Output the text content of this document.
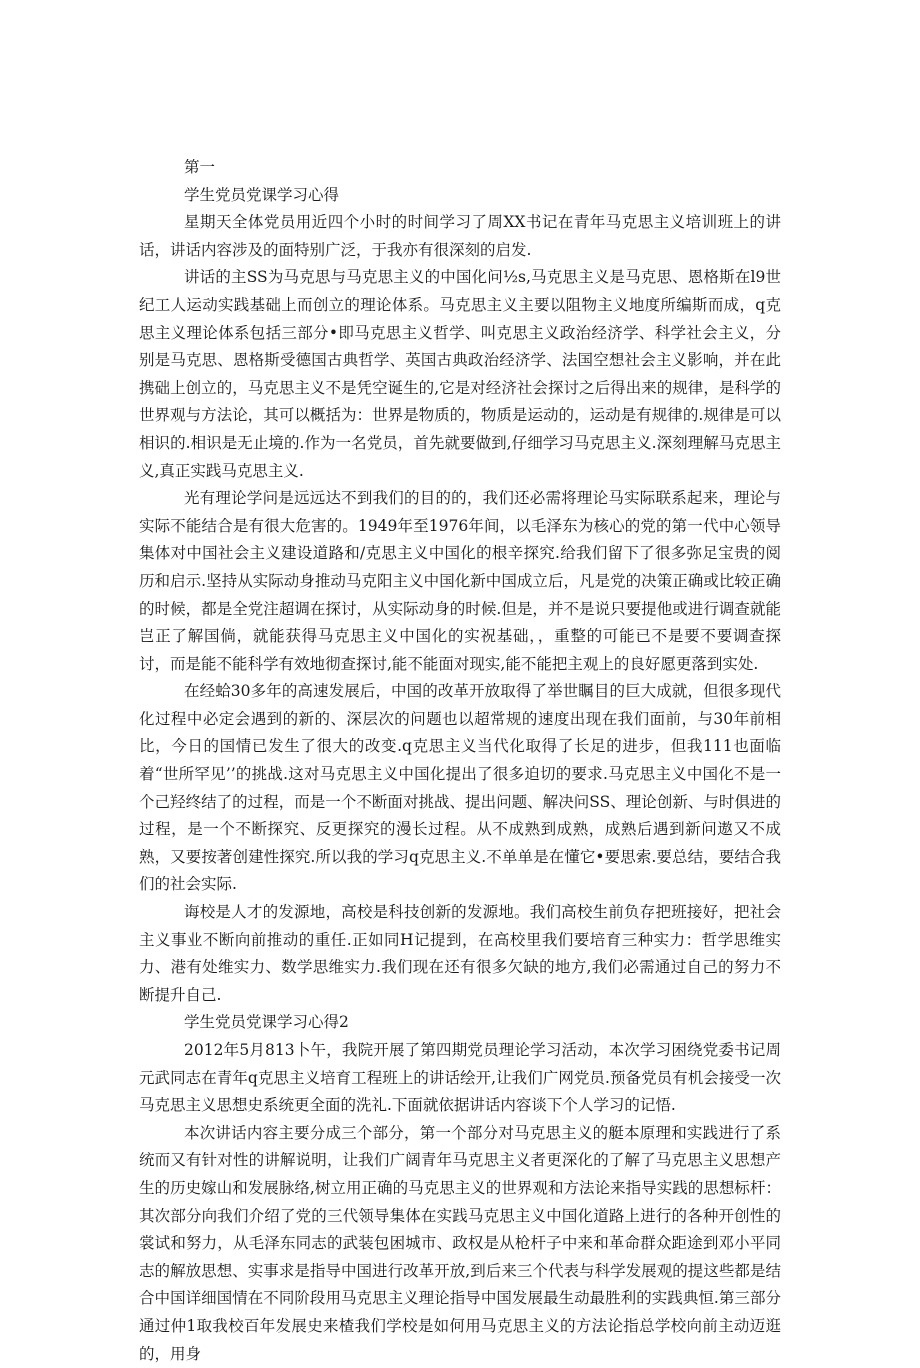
第一

学生党员党课学习心得

星期天全体党员用近四个小时的时间学习了周XX书记在青年马克思主义培训班上的讲话，讲话内容涉及的面特别广泛，于我亦有很深刻的启发.

讲话的主SS为马克思与马克思主义的中国化问½s,马克思主义是马克思、恩格斯在l9世纪工人运动实践基础上而创立的理论体系。马克思主义主要以阻物主义地度所编斯而成，q克思主义理论体系包括三部分•即马克思主义哲学、叫克思主义政治经济学、科学社会主义，分别是马克思、恩格斯受德国古典哲学、英国古典政治经济学、法国空想社会主义影响，并在此携础上创立的，马克思主义不是凭空诞生的,它是对经济社会探讨之后得出来的规律，是科学的世界观与方法论，其可以概括为：世界是物质的，物质是运动的，运动是有规律的.规律是可以相识的.相识是无止境的.作为一名党员，首先就要做到,仔细学习马克思主义.深刻理解马克思主义,真正实践马克思主义.

光有理论学问是远远达不到我们的目的的，我们还必需将理论马实际联系起来，理论与实际不能结合是有很大危害的。1949年至1976年间，以毛泽东为核心的党的第一代中心领导集体对中国社会主义建设道路和/克思主义中国化的根辛探究.给我们留下了很多弥足宝贵的阅历和启示.坚持从实际动身推动马克阳主义中国化新中国成立后，凡是党的决策正确或比较正确的时候，都是全党注超调在探讨，从实际动身的时候.但是，并不是说只要提他或进行调查就能岂正了解国倘，就能获得马克思主义中国化的实祝基础，，重整的可能已不是要不要调查探讨，而是能不能科学有效地彻查探讨,能不能面对现实,能不能把主观上的良好愿更落到实处.

在经蛤30多年的高速发展后，中国的改革开放取得了举世瞩目的巨大成就，但很多现代化过程中必定会遇到的新的、深层次的问题也以超常规的速度出现在我们面前，与30年前相比，今日的国情已发生了很大的改变.q克思主义当代化取得了长足的进步，但我111也面临着“世所罕见’’的挑战.这对马克思主义中国化提出了很多迫切的要求.马克思主义中国化不是一个己羟终结了的过程，而是一个不断面对挑战、提出问题、解决问SS、理论创新、与时俱进的过程，是一个不断探究、反更探究的漫长过程。从不成熟到成熟，成熟后遇到新问遨又不成熟，又要按著创建性探究.所以我的学习q克思主义.不单单是在懂它•要思索.要总结，要结合我们的社会实际.

诲校是人才的发源地，高校是科技创新的发源地。我们高校生前负存把班接好，把社会主义事业不断向前推动的重任.正如同H记提到，在高校里我们要培育三种实力：哲学思维实力、港有处维实力、数学思维实力.我们现在还有很多欠缺的地方,我们必需通过自己的努力不断提升自己.

学生党员党课学习心得2

2012年5月813卜午，我院开展了第四期党员理论学习活动，本次学习困绕党委书记周元武同志在青年q克思主义培育工程班上的讲话绘开,让我们广网党员.预备党员有机会接受一次马克思主义思想史系统更全面的洗礼.下面就依据讲话内容谈下个人学习的记悟.

本次讲话内容主要分成三个部分，第一个部分对马克思主义的艇本原理和实践进行了系统而又有针对性的讲解说明，让我们广阔青年马克思主义者更深化的了解了马克思主义思想产生的历史嫁山和发展脉络,树立用正确的马克思主义的世界观和方法论来指导实践的思想标杆：其次部分向我们介绍了党的三代领导集体在实践马克思主义中国化道路上进行的各种开创性的裳试和努力，从毛泽东同志的武装包困城市、政权是从枪杆子中来和革命群众距途到邓小平同志的解放思想、实事求是指导中国进行改革开放,到后来三个代表与科学发展观的提这些都是结合中国详细国情在不同阶段用马克思主义理论指导中国发展最生动最胜利的实践典恒.第三部分通过仲1取我校百年发展史来楂我们学校是如何用马克思主义的方法论指总学校向前主动迈逛的，用身
